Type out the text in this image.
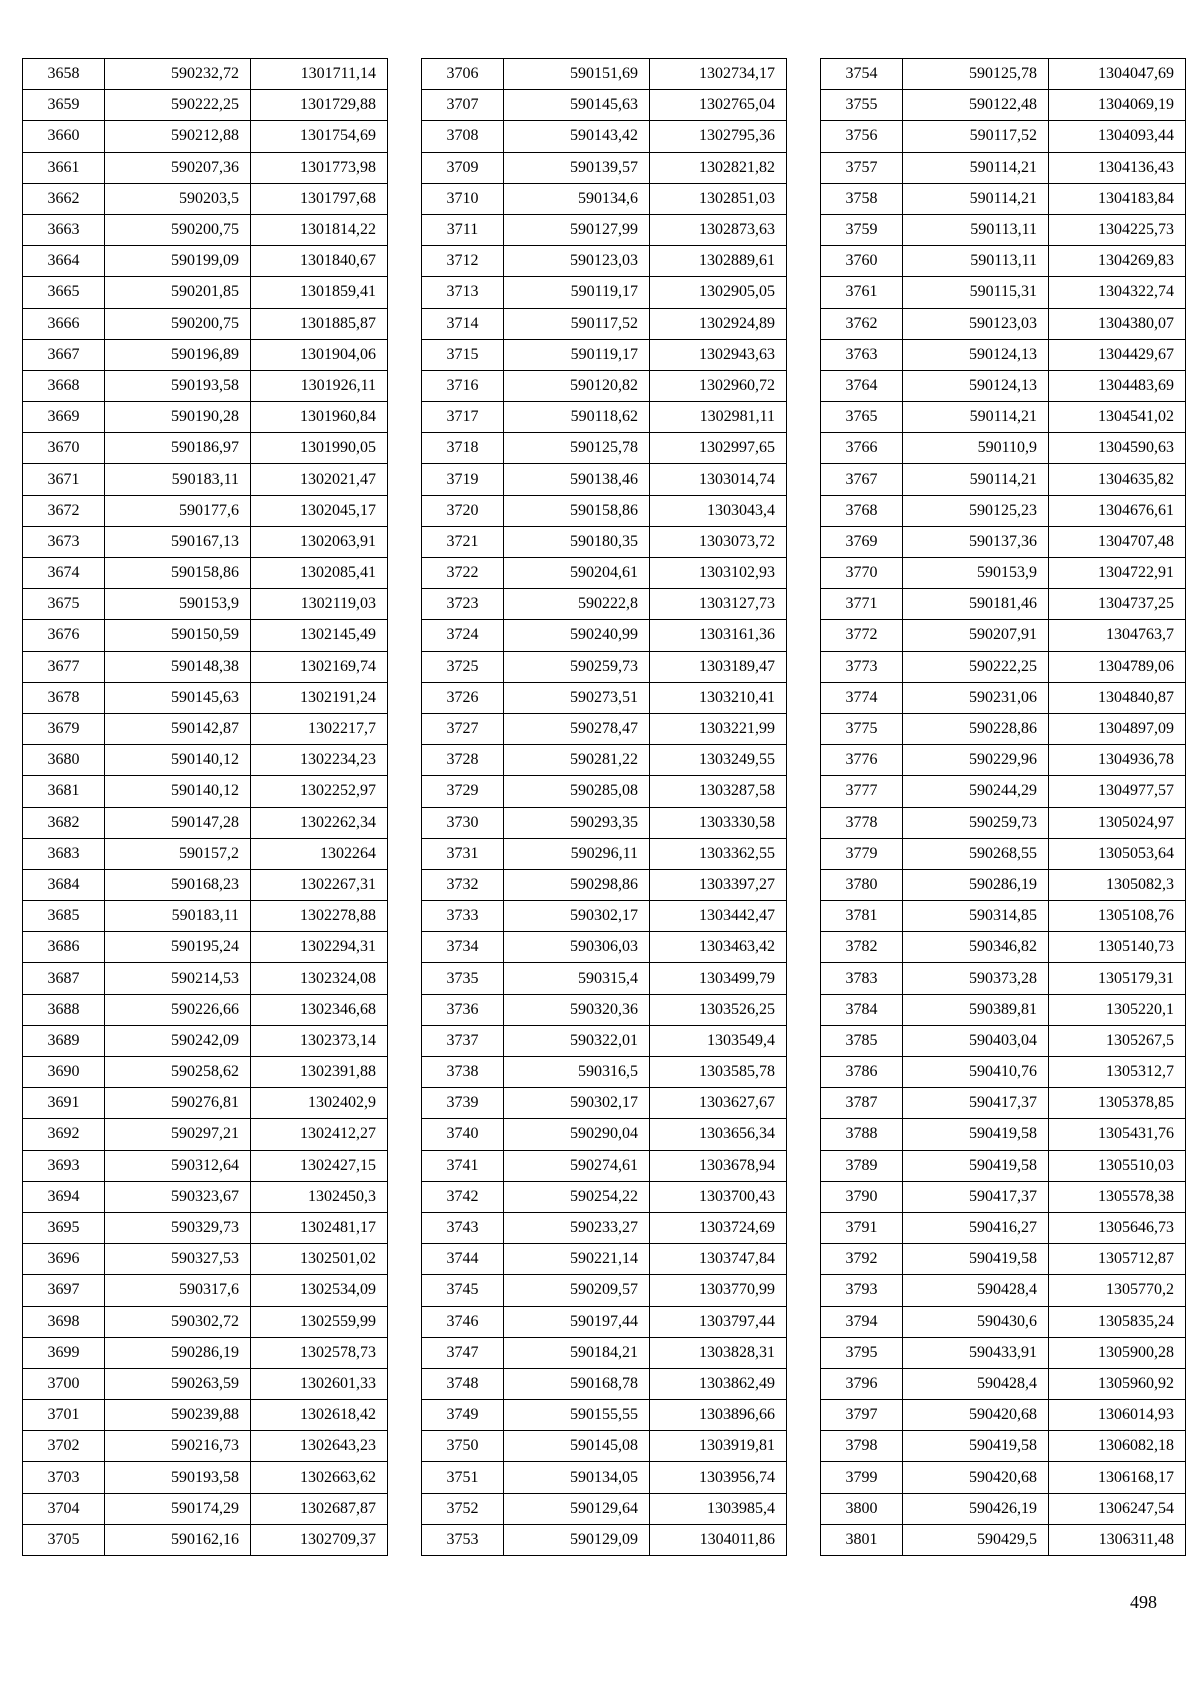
3658	590232,72	1301711,14
3659	590222,25	1301729,88
3660	590212,88	1301754,69
3661	590207,36	1301773,98
3662	590203,5	1301797,68
3663	590200,75	1301814,22
3664	590199,09	1301840,67
3665	590201,85	1301859,41
3666	590200,75	1301885,87
3667	590196,89	1301904,06
3668	590193,58	1301926,11
3669	590190,28	1301960,84
3670	590186,97	1301990,05
3671	590183,11	1302021,47
3672	590177,6	1302045,17
3673	590167,13	1302063,91
3674	590158,86	1302085,41
3675	590153,9	1302119,03
3676	590150,59	1302145,49
3677	590148,38	1302169,74
3678	590145,63	1302191,24
3679	590142,87	1302217,7
3680	590140,12	1302234,23
3681	590140,12	1302252,97
3682	590147,28	1302262,34
3683	590157,2	1302264
3684	590168,23	1302267,31
3685	590183,11	1302278,88
3686	590195,24	1302294,31
3687	590214,53	1302324,08
3688	590226,66	1302346,68
3689	590242,09	1302373,14
3690	590258,62	1302391,88
3691	590276,81	1302402,9
3692	590297,21	1302412,27
3693	590312,64	1302427,15
3694	590323,67	1302450,3
3695	590329,73	1302481,17
3696	590327,53	1302501,02
3697	590317,6	1302534,09
3698	590302,72	1302559,99
3699	590286,19	1302578,73
3700	590263,59	1302601,33
3701	590239,88	1302618,42
3702	590216,73	1302643,23
3703	590193,58	1302663,62
3704	590174,29	1302687,87
3705	590162,16	1302709,37
3706	590151,69	1302734,17
3707	590145,63	1302765,04
3708	590143,42	1302795,36
3709	590139,57	1302821,82
3710	590134,6	1302851,03
3711	590127,99	1302873,63
3712	590123,03	1302889,61
3713	590119,17	1302905,05
3714	590117,52	1302924,89
3715	590119,17	1302943,63
3716	590120,82	1302960,72
3717	590118,62	1302981,11
3718	590125,78	1302997,65
3719	590138,46	1303014,74
3720	590158,86	1303043,4
3721	590180,35	1303073,72
3722	590204,61	1303102,93
3723	590222,8	1303127,73
3724	590240,99	1303161,36
3725	590259,73	1303189,47
3726	590273,51	1303210,41
3727	590278,47	1303221,99
3728	590281,22	1303249,55
3729	590285,08	1303287,58
3730	590293,35	1303330,58
3731	590296,11	1303362,55
3732	590298,86	1303397,27
3733	590302,17	1303442,47
3734	590306,03	1303463,42
3735	590315,4	1303499,79
3736	590320,36	1303526,25
3737	590322,01	1303549,4
3738	590316,5	1303585,78
3739	590302,17	1303627,67
3740	590290,04	1303656,34
3741	590274,61	1303678,94
3742	590254,22	1303700,43
3743	590233,27	1303724,69
3744	590221,14	1303747,84
3745	590209,57	1303770,99
3746	590197,44	1303797,44
3747	590184,21	1303828,31
3748	590168,78	1303862,49
3749	590155,55	1303896,66
3750	590145,08	1303919,81
3751	590134,05	1303956,74
3752	590129,64	1303985,4
3753	590129,09	1304011,86
3754	590125,78	1304047,69
3755	590122,48	1304069,19
3756	590117,52	1304093,44
3757	590114,21	1304136,43
3758	590114,21	1304183,84
3759	590113,11	1304225,73
3760	590113,11	1304269,83
3761	590115,31	1304322,74
3762	590123,03	1304380,07
3763	590124,13	1304429,67
3764	590124,13	1304483,69
3765	590114,21	1304541,02
3766	590110,9	1304590,63
3767	590114,21	1304635,82
3768	590125,23	1304676,61
3769	590137,36	1304707,48
3770	590153,9	1304722,91
3771	590181,46	1304737,25
3772	590207,91	1304763,7
3773	590222,25	1304789,06
3774	590231,06	1304840,87
3775	590228,86	1304897,09
3776	590229,96	1304936,78
3777	590244,29	1304977,57
3778	590259,73	1305024,97
3779	590268,55	1305053,64
3780	590286,19	1305082,3
3781	590314,85	1305108,76
3782	590346,82	1305140,73
3783	590373,28	1305179,31
3784	590389,81	1305220,1
3785	590403,04	1305267,5
3786	590410,76	1305312,7
3787	590417,37	1305378,85
3788	590419,58	1305431,76
3789	590419,58	1305510,03
3790	590417,37	1305578,38
3791	590416,27	1305646,73
3792	590419,58	1305712,87
3793	590428,4	1305770,2
3794	590430,6	1305835,24
3795	590433,91	1305900,28
3796	590428,4	1305960,92
3797	590420,68	1306014,93
3798	590419,58	1306082,18
3799	590420,68	1306168,17
3800	590426,19	1306247,54
3801	590429,5	1306311,48
498
